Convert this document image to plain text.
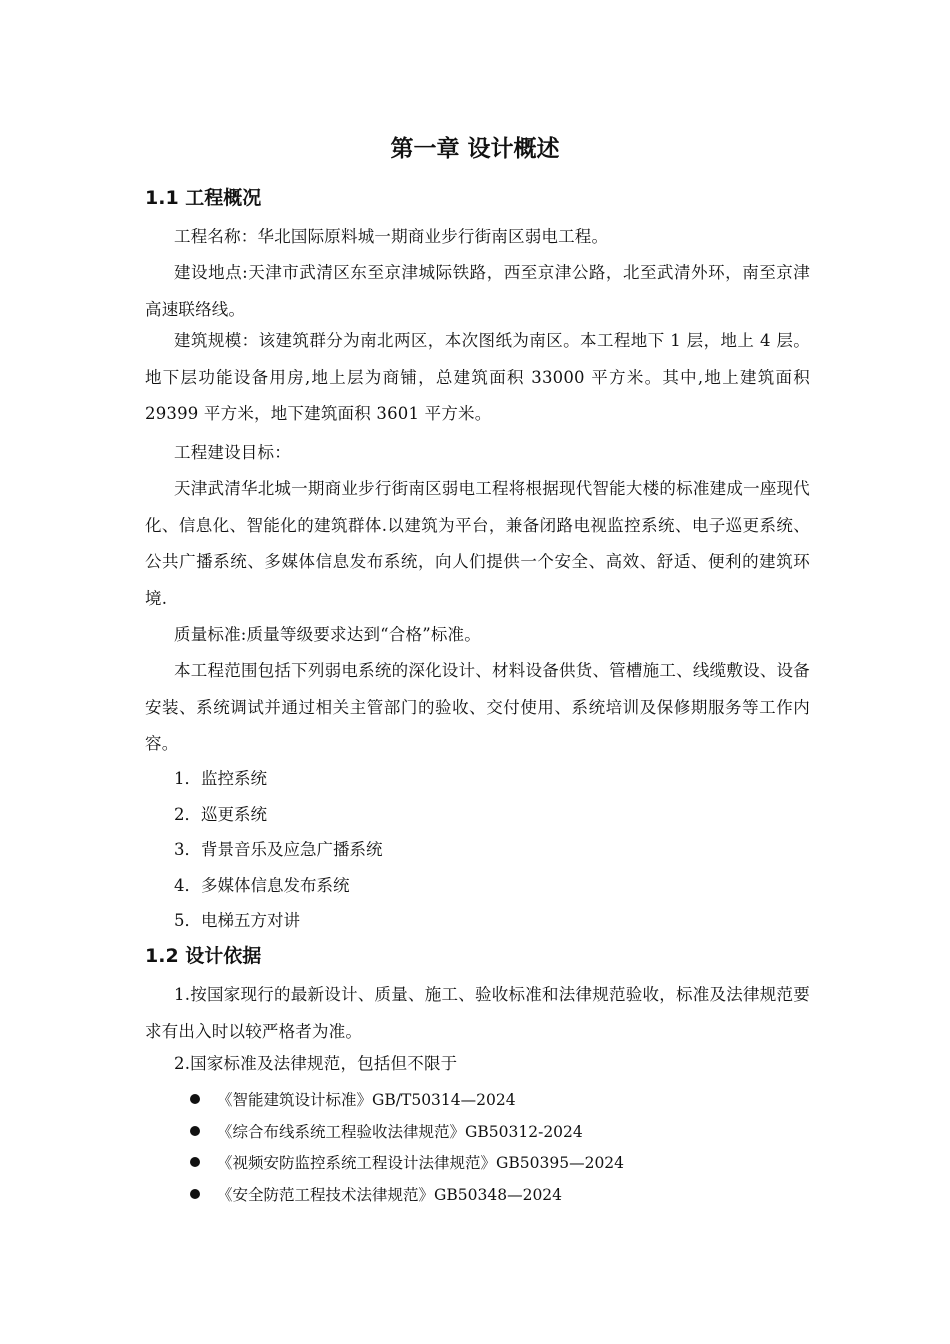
第一章 设计概述
1.1 工程概况
工程名称：华北国际原料城一期商业步行街南区弱电工程。
建设地点:天津市武清区东至京津城际铁路，西至京津公路，北至武清外环，南至京津高速联络线。
建筑规模：该建筑群分为南北两区，本次图纸为南区。本工程地下 1 层，地上 4 层。地下层功能设备用房,地上层为商铺，总建筑面积 33000 平方米。其中,地上建筑面积 29399 平方米，地下建筑面积 3601 平方米。
工程建设目标：
天津武清华北城一期商业步行街南区弱电工程将根据现代智能大楼的标准建成一座现代化、信息化、智能化的建筑群体.以建筑为平台，兼备闭路电视监控系统、电子巡更系统、公共广播系统、多媒体信息发布系统，向人们提供一个安全、高效、舒适、便利的建筑环境.
质量标准:质量等级要求达到“合格”标准。
本工程范围包括下列弱电系统的深化设计、材料设备供货、管槽施工、线缆敷设、设备安装、系统调试并通过相关主管部门的验收、交付使用、系统培训及保修期服务等工作内容。
1．监控系统
2．巡更系统
3．背景音乐及应急广播系统
4．多媒体信息发布系统
5．电梯五方对讲
1.2 设计依据
1.按国家现行的最新设计、质量、施工、验收标准和法律规范验收，标准及法律规范要求有出入时以较严格者为准。
2.国家标准及法律规范，包括但不限于
《智能建筑设计标准》GB/T50314—2024
《综合布线系统工程验收法律规范》GB50312-2024
《视频安防监控系统工程设计法律规范》GB50395—2024
《安全防范工程技术法律规范》GB50348—2024
